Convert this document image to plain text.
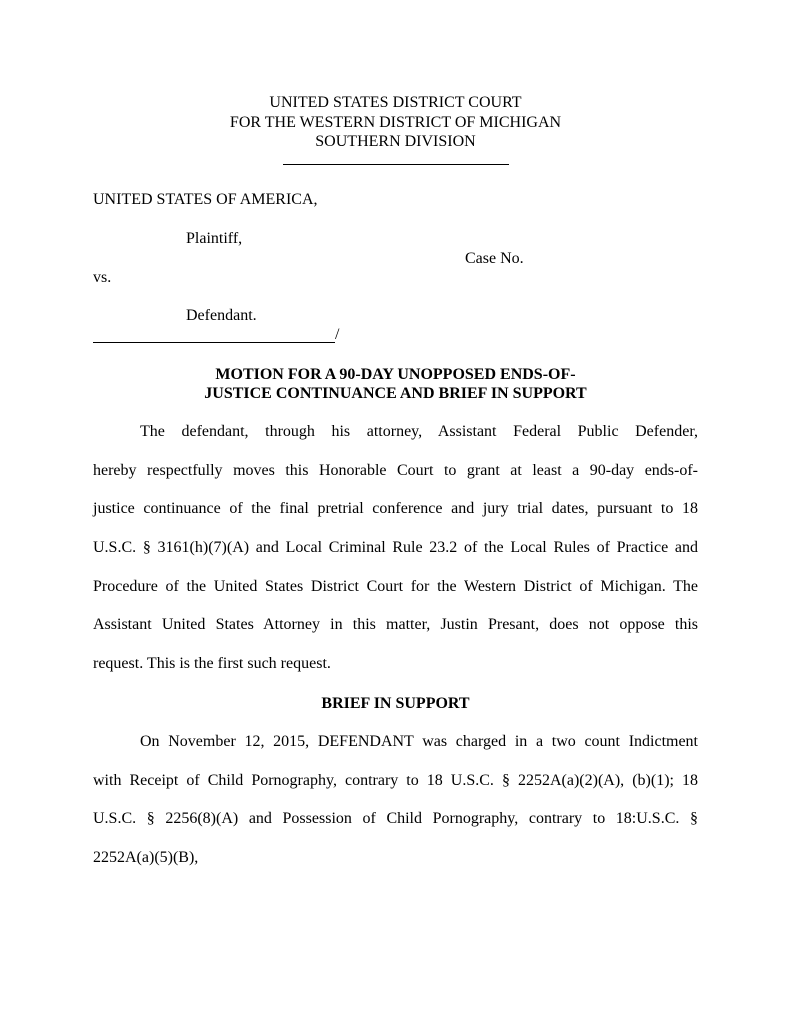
UNITED STATES DISTRICT COURT
FOR THE WESTERN DISTRICT OF MICHIGAN
SOUTHERN DIVISION
UNITED STATES OF AMERICA,
Plaintiff,
Case No.
vs.
Defendant.
/
MOTION FOR A 90-DAY UNOPPOSED ENDS-OF-
JUSTICE CONTINUANCE AND BRIEF IN SUPPORT
The defendant, through his attorney, Assistant Federal Public Defender,
hereby respectfully moves this Honorable Court to grant at least a 90-day ends-of-
justice continuance of the final pretrial conference and jury trial dates, pursuant to 18
U.S.C. § 3161(h)(7)(A) and Local Criminal Rule 23.2 of the Local Rules of Practice and
Procedure of the United States District Court for the Western District of Michigan. The
Assistant United States Attorney in this matter, Justin Presant, does not oppose this
request. This is the first such request.
BRIEF IN SUPPORT
On November 12, 2015, DEFENDANT was charged in a two count Indictment
with Receipt of Child Pornography, contrary to 18 U.S.C. § 2252A(a)(2)(A), (b)(1); 18
U.S.C. § 2256(8)(A) and Possession of Child Pornography, contrary to 18:U.S.C. §
2252A(a)(5)(B),
